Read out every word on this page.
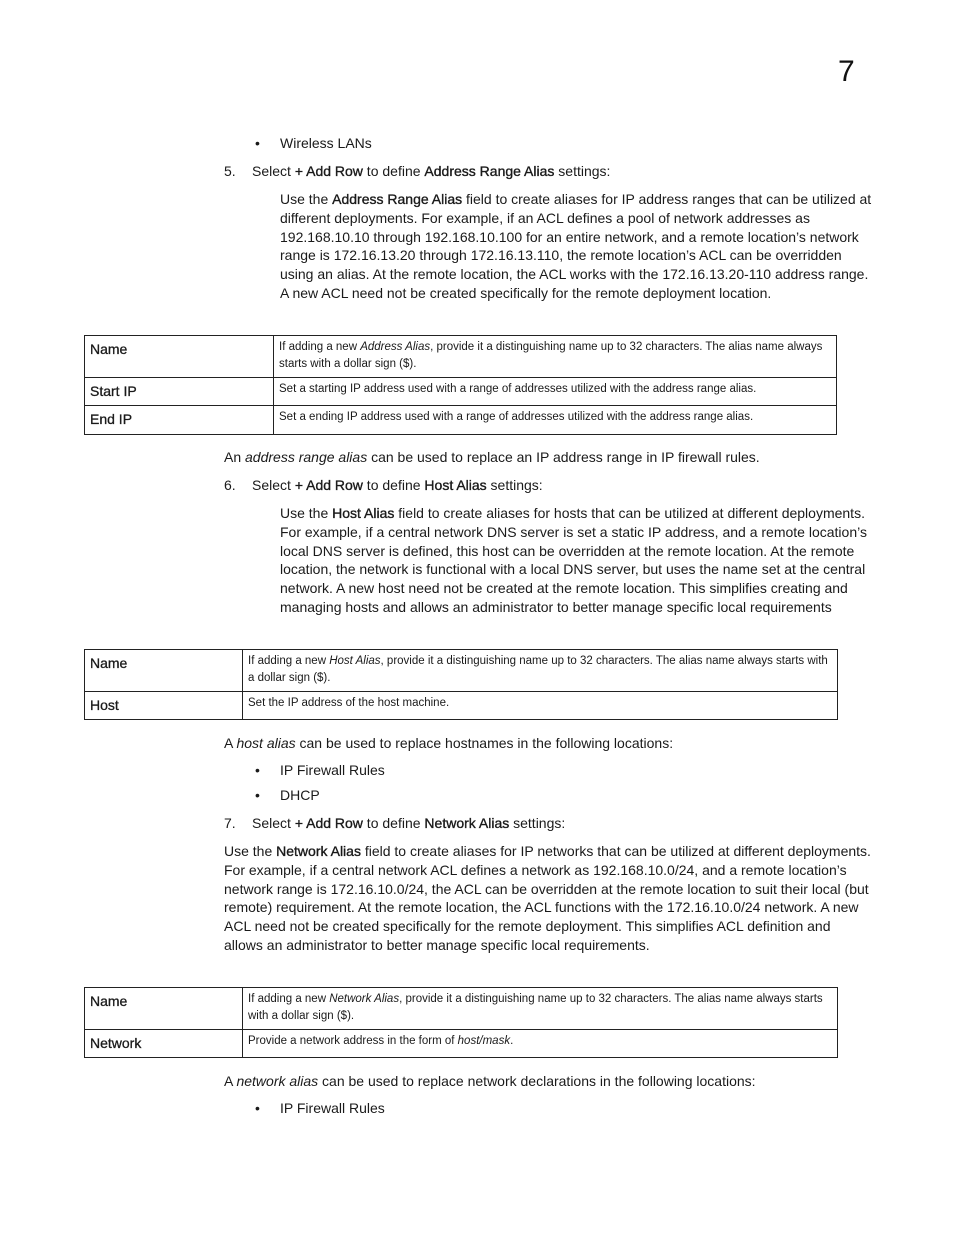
7
•	Wireless LANs
5. Select + Add Row to define Address Range Alias settings:
Use the Address Range Alias field to create aliases for IP address ranges that can be utilized at different deployments. For example, if an ACL defines a pool of network addresses as 192.168.10.10 through 192.168.10.100 for an entire network, and a remote location’s network range is 172.16.13.20 through 172.16.13.110, the remote location’s ACL can be overridden using an alias. At the remote location, the ACL works with the 172.16.13.20-110 address range. A new ACL need not be created specifically for the remote deployment location.
Name	If adding a new Address Alias, provide it a distinguishing name up to 32 characters. The alias name always starts with a dollar sign ($).
Start IP	Set a starting IP address used with a range of addresses utilized with the address range alias.
End IP	Set a ending IP address used with a range of addresses utilized with the address range alias.
An address range alias can be used to replace an IP address range in IP firewall rules.
6. Select + Add Row to define Host Alias settings:
Use the Host Alias field to create aliases for hosts that can be utilized at different deployments. For example, if a central network DNS server is set a static IP address, and a remote location’s local DNS server is defined, this host can be overridden at the remote location. At the remote location, the network is functional with a local DNS server, but uses the name set at the central network. A new host need not be created at the remote location. This simplifies creating and managing hosts and allows an administrator to better manage specific local requirements
Name	If adding a new Host Alias, provide it a distinguishing name up to 32 characters. The alias name always starts with a dollar sign ($).
Host	Set the IP address of the host machine.
A host alias can be used to replace hostnames in the following locations:
•	IP Firewall Rules
•	DHCP
7. Select + Add Row to define Network Alias settings:
Use the Network Alias field to create aliases for IP networks that can be utilized at different deployments. For example, if a central network ACL defines a network as 192.168.10.0/24, and a remote location’s network range is 172.16.10.0/24, the ACL can be overridden at the remote location to suit their local (but remote) requirement. At the remote location, the ACL functions with the 172.16.10.0/24 network. A new ACL need not be created specifically for the remote deployment. This simplifies ACL definition and allows an administrator to better manage specific local requirements.
Name	If adding a new Network Alias, provide it a distinguishing name up to 32 characters. The alias name always starts with a dollar sign ($).
Network	Provide a network address in the form of host/mask.
A network alias can be used to replace network declarations in the following locations:
•	IP Firewall Rules
